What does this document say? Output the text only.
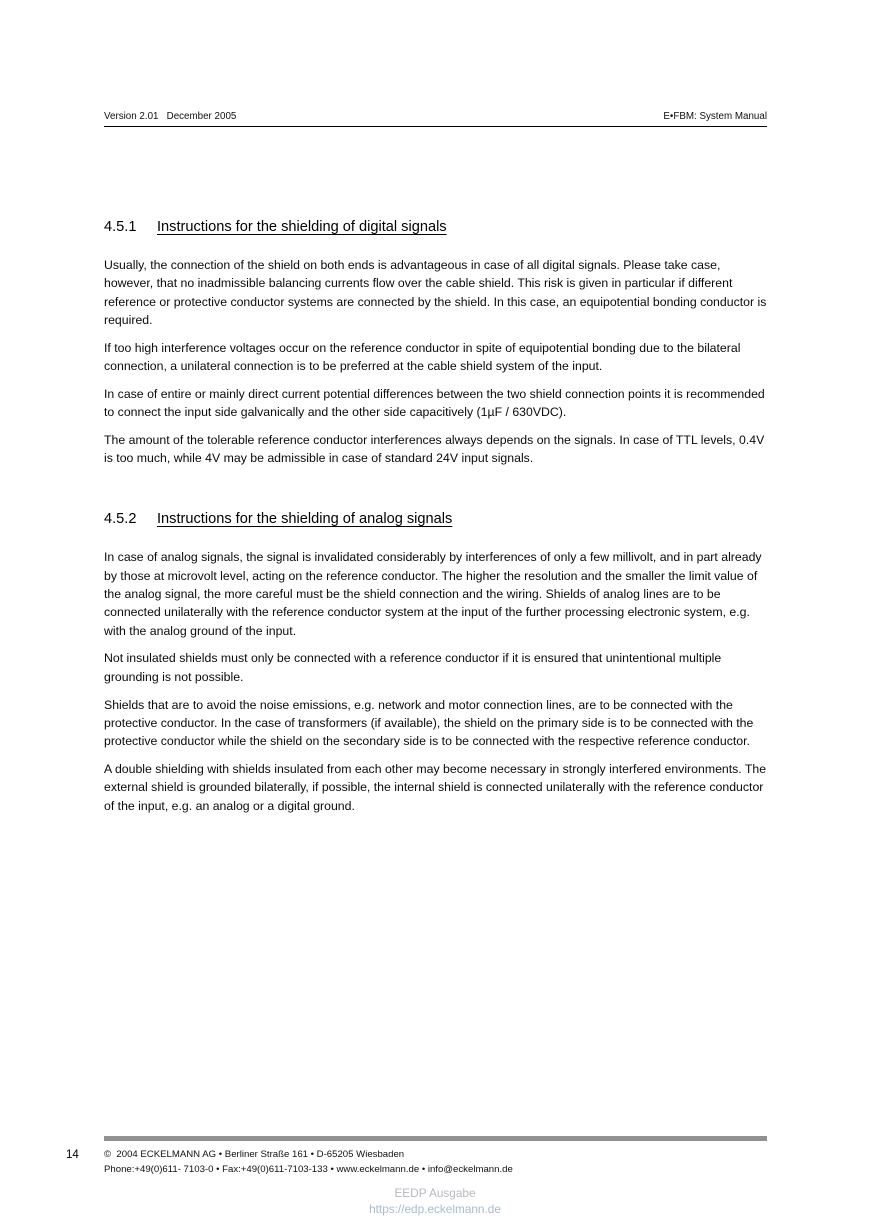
Version 2.01   December 2005	E•FBM: System Manual
4.5.1	Instructions for the shielding of digital signals

Usually, the connection of the shield on both ends is advantageous in case of all digital signals. Please take case, however, that no inadmissible balancing currents flow over the cable shield. This risk is given in particular if different reference or protective conductor systems are connected by the shield. In this case, an equipotential bonding conductor is required.

If too high interference voltages occur on the reference conductor in spite of equipotential bonding due to the bilateral connection, a unilateral connection is to be preferred at the cable shield system of the input.

In case of entire or mainly direct current potential differences between the two shield connection points it is recommended to connect the input side galvanically and the other side capacitively (1µF / 630VDC).

The amount of the tolerable reference conductor interferences always depends on the signals. In case of TTL levels, 0.4V is too much, while 4V may be admissible in case of standard 24V input signals.

4.5.2	Instructions for the shielding of analog signals

In case of analog signals, the signal is invalidated considerably by interferences of only a few millivolt, and in part already by those at microvolt level, acting on the reference conductor. The higher the resolution and the smaller the limit value of the analog signal, the more careful must be the shield connection and the wiring. Shields of analog lines are to be connected unilaterally with the reference conductor system at the input of the further processing electronic system, e.g. with the analog ground of the input.

Not insulated shields must only be connected with a reference conductor if it is ensured that unintentional multiple grounding is not possible.

Shields that are to avoid the noise emissions, e.g. network and motor connection lines, are to be connected with the protective conductor. In the case of transformers (if available), the shield on the primary side is to be connected with the protective conductor while the shield on the secondary side is to be connected with the respective reference conductor.

A double shielding with shields insulated from each other may become necessary in strongly interfered environments. The external shield is grounded bilaterally, if possible, the internal shield is connected unilaterally with the reference conductor of the input, e.g. an analog or a digital ground.

14	©  2004 ECKELMANN AG • Berliner Straße 161 • D-65205 Wiesbaden
Phone:+49(0)611- 7103-0 • Fax:+49(0)611-7103-133 • www.eckelmann.de • info@eckelmann.de
EEDP Ausgabe
https://edp.eckelmann.de
